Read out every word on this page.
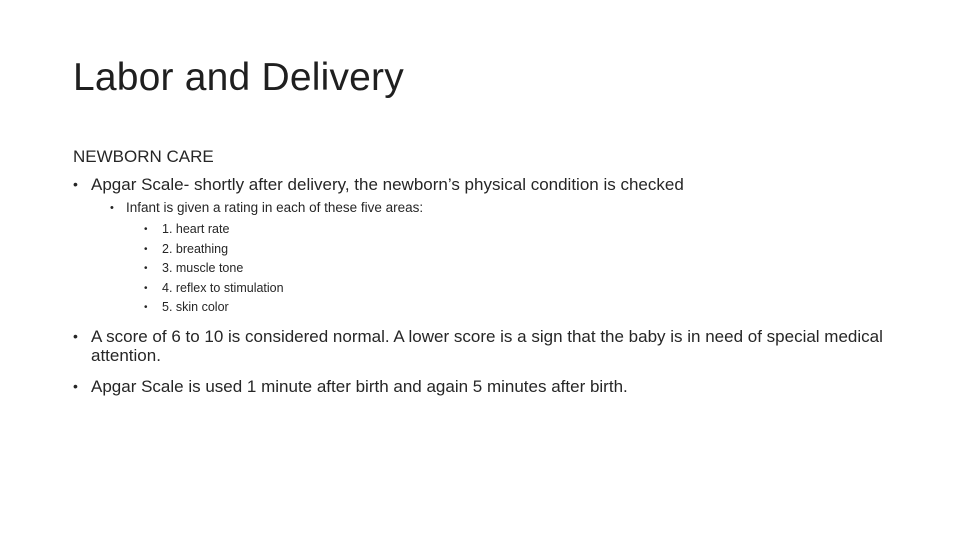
Labor and Delivery
NEWBORN CARE
• Apgar Scale- shortly after delivery, the newborn’s physical condition is checked
• Infant is given a rating in each of these five areas:
• 1. heart rate
• 2. breathing
• 3. muscle tone
• 4. reflex to stimulation
• 5. skin color
• A score of 6 to 10 is considered normal. A lower score is a sign that the baby is in need of special medical attention.
• Apgar Scale is used 1 minute after birth and again 5 minutes after birth.
